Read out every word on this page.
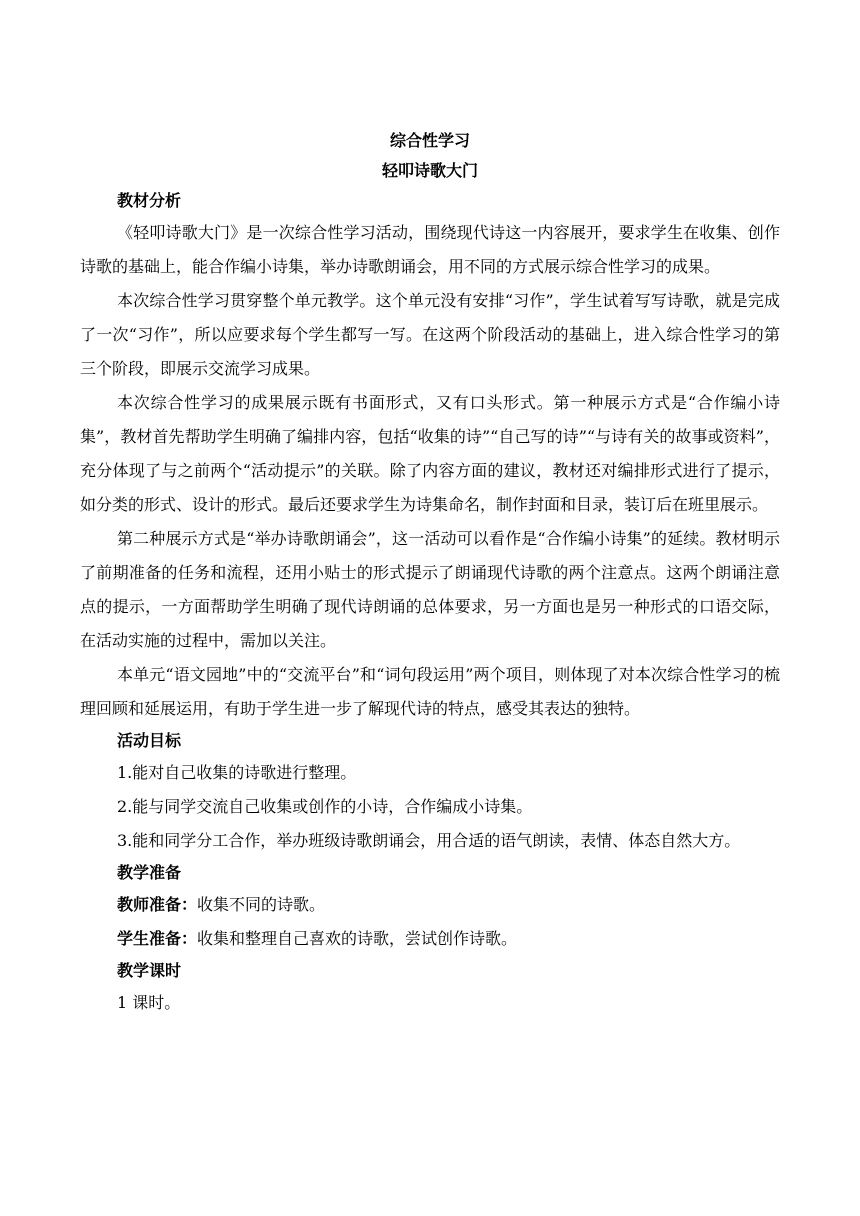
综合性学习

轻叩诗歌大门

教材分析

《轻叩诗歌大门》是一次综合性学习活动，围绕现代诗这一内容展开，要求学生在收集、创作诗歌的基础上，能合作编小诗集，举办诗歌朗诵会，用不同的方式展示综合性学习的成果。

本次综合性学习贯穿整个单元教学。这个单元没有安排“习作”，学生试着写写诗歌，就是完成了一次“习作”，所以应要求每个学生都写一写。在这两个阶段活动的基础上，进入综合性学习的第三个阶段，即展示交流学习成果。

本次综合性学习的成果展示既有书面形式，又有口头形式。第一种展示方式是“合作编小诗集”，教材首先帮助学生明确了编排内容，包括“收集的诗”“自己写的诗”“与诗有关的故事或资料”，充分体现了与之前两个“活动提示”的关联。除了内容方面的建议，教材还对编排形式进行了提示，如分类的形式、设计的形式。最后还要求学生为诗集命名，制作封面和目录，装订后在班里展示。

第二种展示方式是“举办诗歌朗诵会”，这一活动可以看作是“合作编小诗集”的延续。教材明示了前期准备的任务和流程，还用小贴士的形式提示了朗诵现代诗歌的两个注意点。这两个朗诵注意点的提示，一方面帮助学生明确了现代诗朗诵的总体要求，另一方面也是另一种形式的口语交际，在活动实施的过程中，需加以关注。

本单元“语文园地”中的“交流平台”和“词句段运用”两个项目，则体现了对本次综合性学习的梳理回顾和延展运用，有助于学生进一步了解现代诗的特点，感受其表达的独特。

活动目标

1.能对自己收集的诗歌进行整理。

2.能与同学交流自己收集或创作的小诗，合作编成小诗集。

3.能和同学分工合作，举办班级诗歌朗诵会，用合适的语气朗读，表情、体态自然大方。

教学准备

教师准备：收集不同的诗歌。

学生准备：收集和整理自己喜欢的诗歌，尝试创作诗歌。

教学课时

1 课时。
